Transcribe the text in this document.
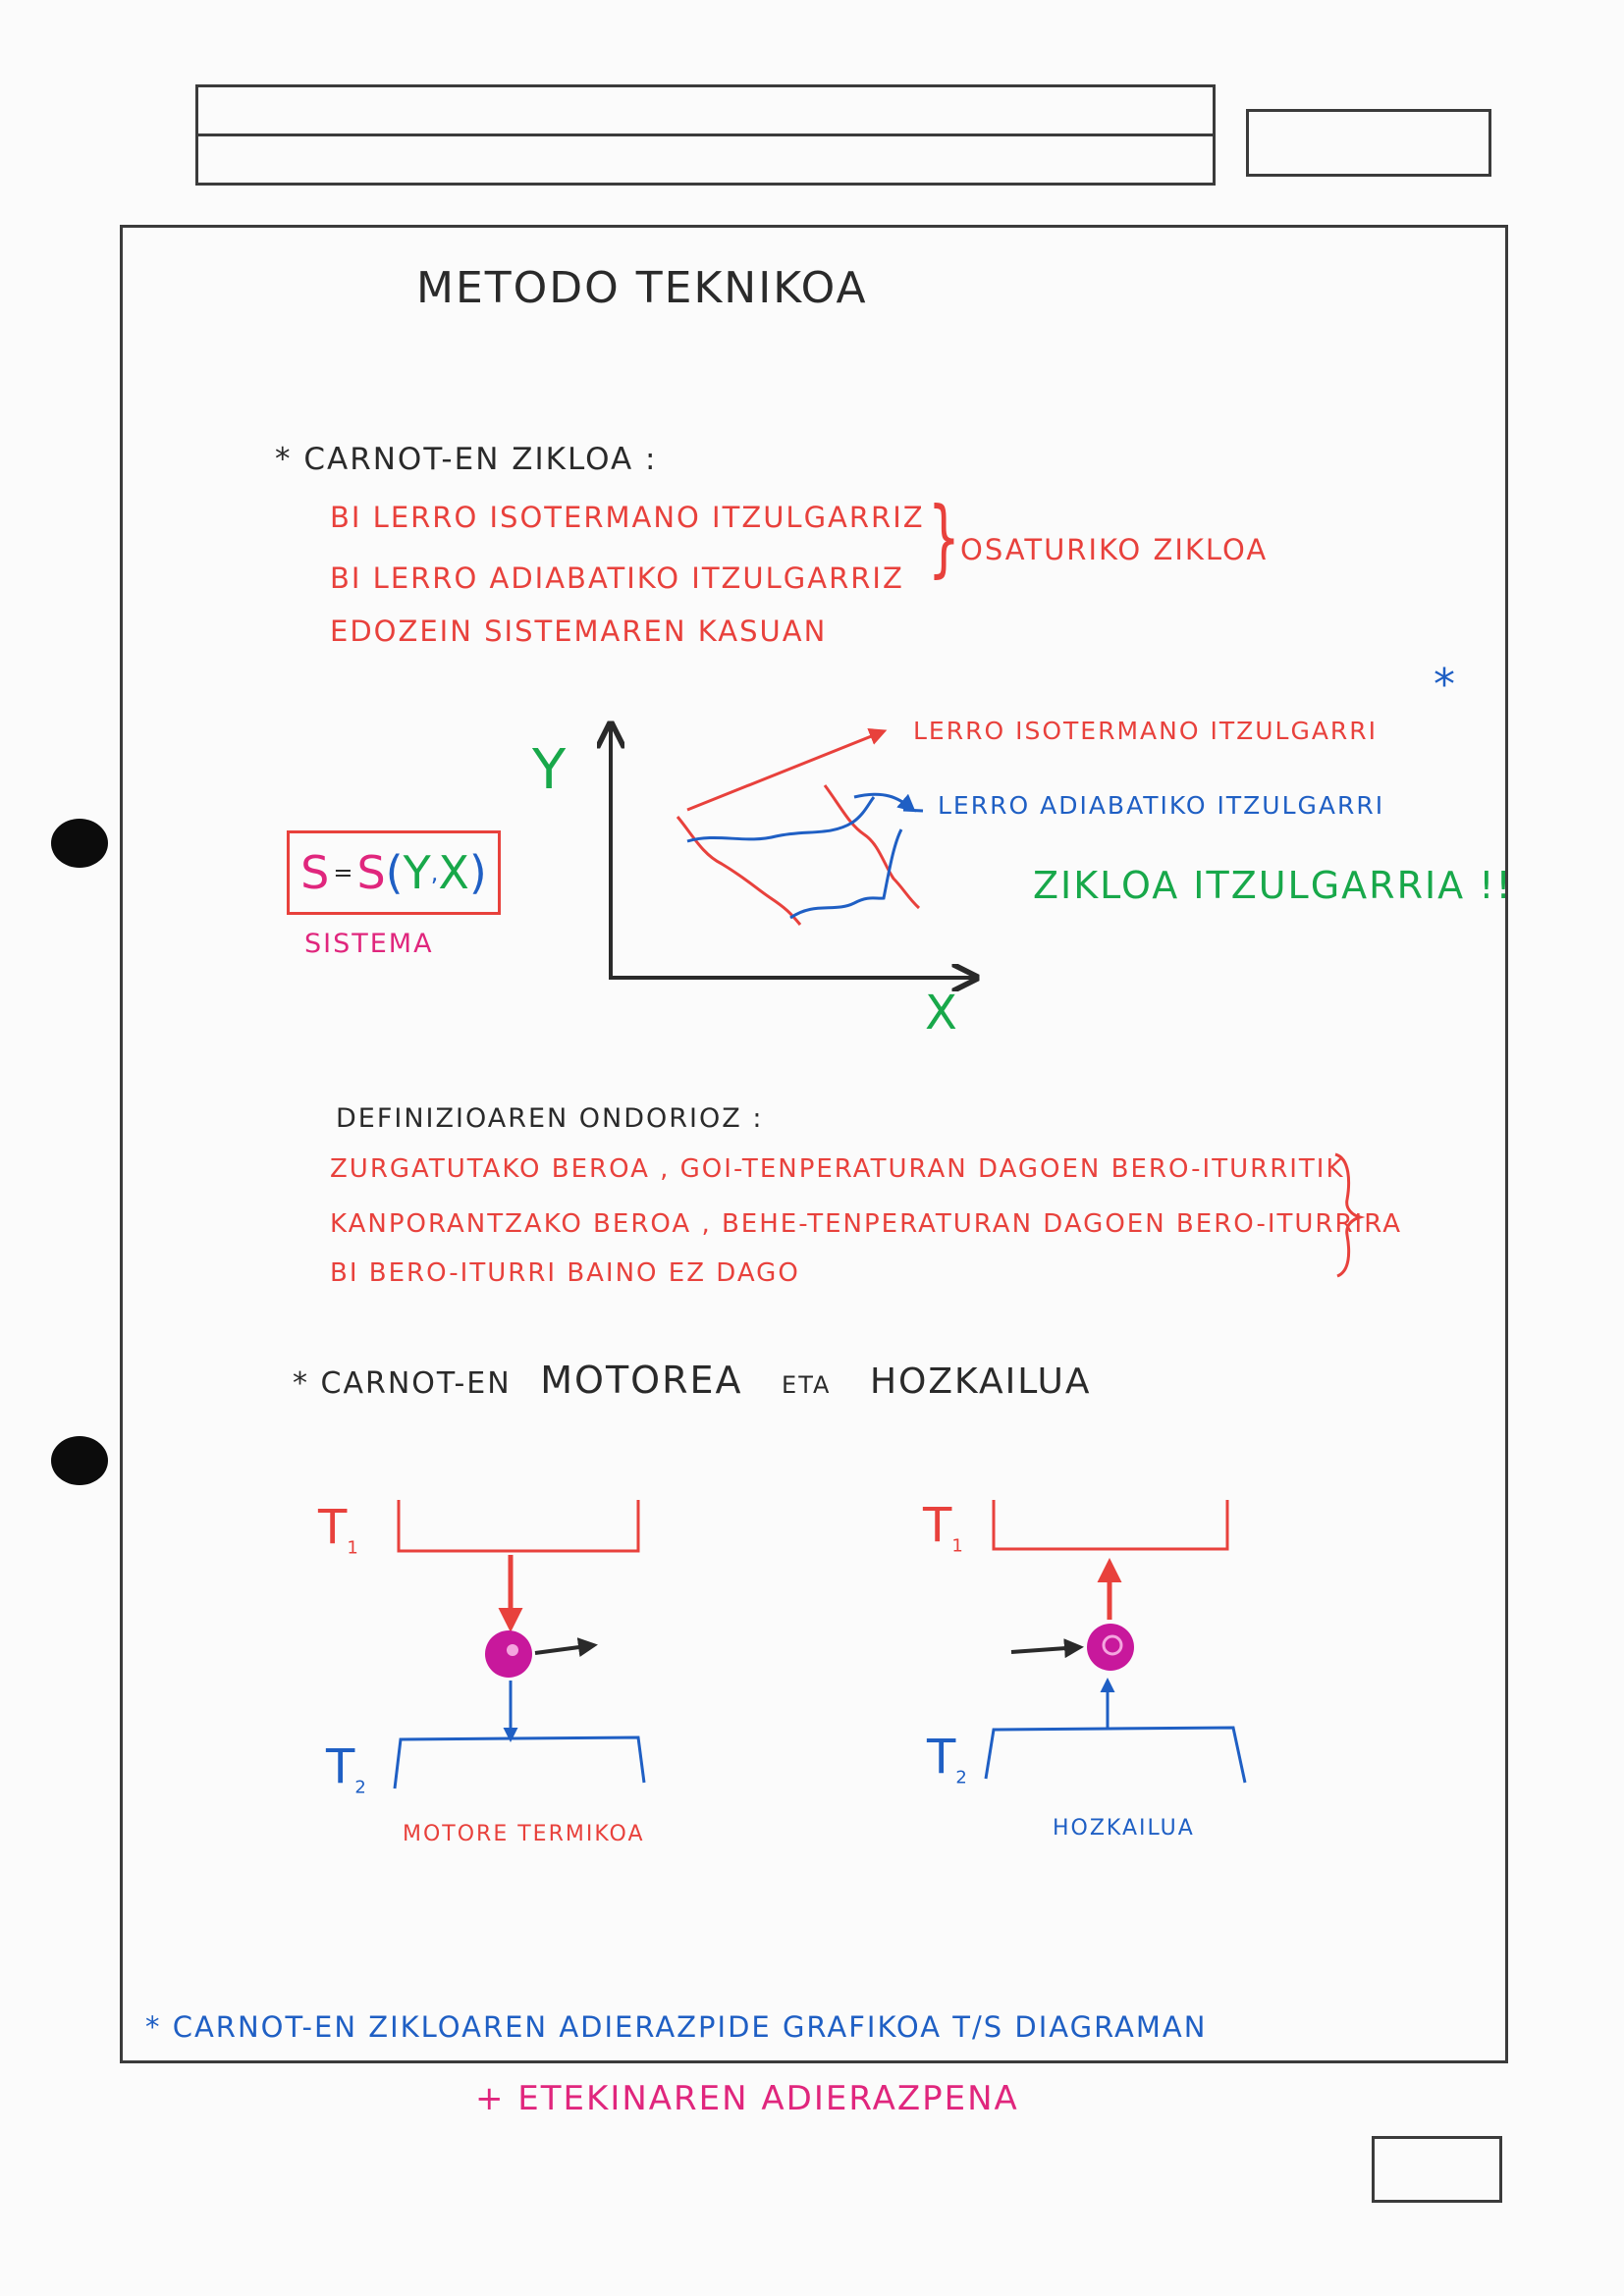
METODO TEKNIKOA
* CARNOT-EN ZIKLOA :
BI LERRO ISOTERMANO ITZULGARRIZ
BI LERRO ADIABATIKO ITZULGARRIZ
EDOZEIN SISTEMAREN KASUAN
} OSATURIKO ZIKLOA
*
Y
X
LERRO ISOTERMANO ITZULGARRI
LERRO ADIABATIKO ITZULGARRI
ZIKLOA ITZULGARRIA !!
S = S ( Y , X )
SISTEMA
DEFINIZIOAREN ONDORIOZ :
ZURGATUTAKO BEROA , GOI-TENPERATURAN DAGOEN BERO-ITURRITIK
KANPORANTZAKO BEROA , BEHE-TENPERATURAN DAGOEN BERO-ITURRIRA
BI BERO-ITURRI BAINO EZ DAGO
* CARNOT-EN MOTOREA ETA HOZKAILUA
$T_1$
$T_2$
$T_1$
$T_2$
MOTORE TERMIKOA	HOZKAILUA
* CARNOT-EN ZIKLOAREN ADIERAZPIDE GRAFIKOA T/S DIAGRAMAN
+ ETEKINAREN ADIERAZPENA
